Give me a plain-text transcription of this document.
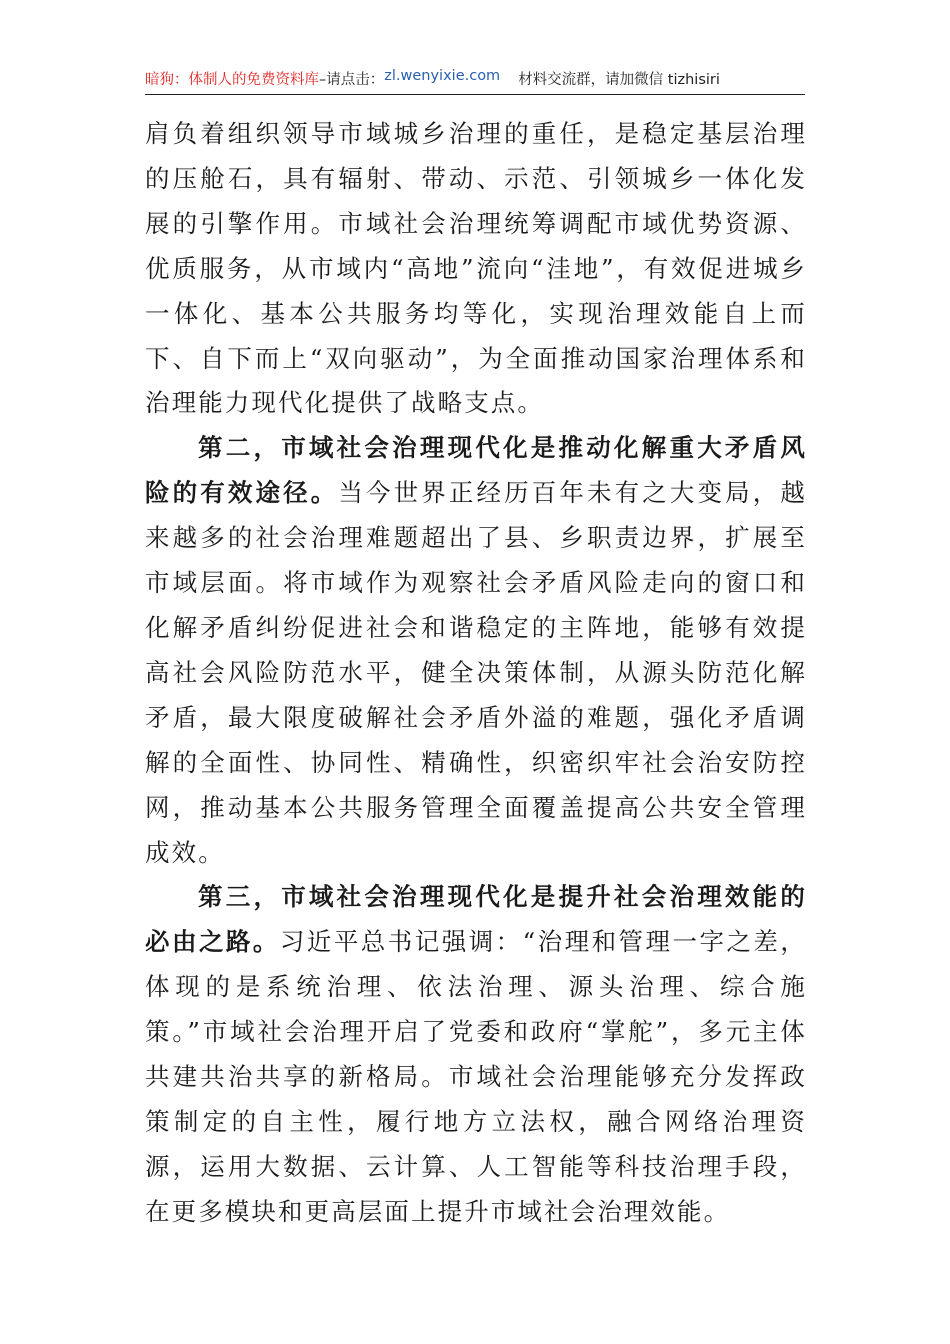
暗狗：体制人的免费资料库 –请点击： zl.wenyixie.com 材料交流群，请加微信 tizhisiri

肩负着组织领导市域城乡治理的重任，是稳定基层治理的压舱石，具有辐射、带动、示范、引领城乡一体化发展的引擎作用。市域社会治理统筹调配市域优势资源、优质服务，从市域内“高地”流向“洼地”，有效促进城乡一体化、基本公共服务均等化，实现治理效能自上而下、自下而上“双向驱动”，为全面推动国家治理体系和治理能力现代化提供了战略支点。

第二，市域社会治理现代化是推动化解重大矛盾风险的有效途径。当今世界正经历百年未有之大变局，越来越多的社会治理难题超出了县、乡职责边界，扩展至市域层面。将市域作为观察社会矛盾风险走向的窗口和化解矛盾纠纷促进社会和谐稳定的主阵地，能够有效提高社会风险防范水平，健全决策体制，从源头防范化解矛盾，最大限度破解社会矛盾外溢的难题，强化矛盾调解的全面性、协同性、精确性，织密织牢社会治安防控网，推动基本公共服务管理全面覆盖提高公共安全管理成效。

第三，市域社会治理现代化是提升社会治理效能的必由之路。习近平总书记强调：“治理和管理一字之差，体现的是系统治理、依法治理、源头治理、综合施策。”市域社会治理开启了党委和政府“掌舵”，多元主体共建共治共享的新格局。市域社会治理能够充分发挥政策制定的自主性，履行地方立法权，融合网络治理资源，运用大数据、云计算、人工智能等科技治理手段，在更多模块和更高层面上提升市域社会治理效能。
